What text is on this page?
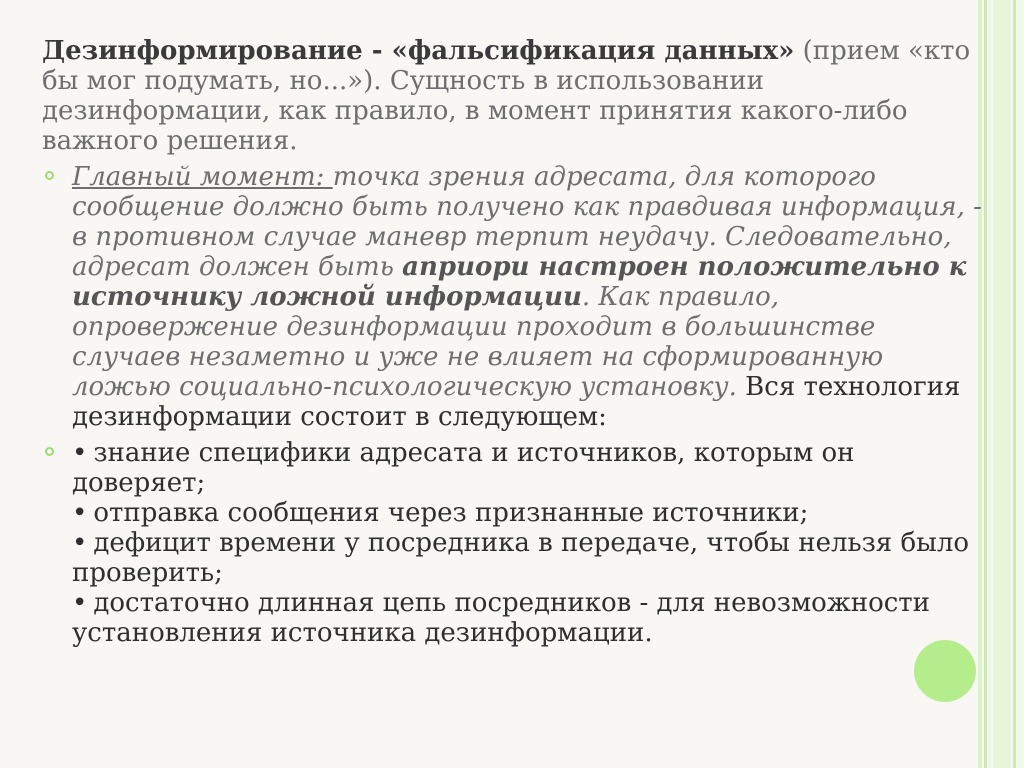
Дезинформирование - «фальсификация данных» (прием «кто бы мог подумать, но...»). Сущность в использовании дезинформации, как правило, в момент принятия какого-либо важного решения.

Главный момент: точка зрения адресата, для которого сообщение должно быть получено как правдивая информация, - в противном случае маневр терпит неудачу. Следовательно, адресат должен быть априори настроен положительно к источнику ложной информации. Как правило, опровержение дезинформации проходит в большинстве случаев незаметно и уже не влияет на сформированную ложью социально-психологическую установку. Вся технология дезинформации состоит в следующем:
• знание специфики адресата и источников, которым он доверяет;
• отправка сообщения через признанные источники;
• дефицит времени у посредника в передаче, чтобы нельзя было проверить;
• достаточно длинная цепь посредников - для невозможности установления источника дезинформации.
